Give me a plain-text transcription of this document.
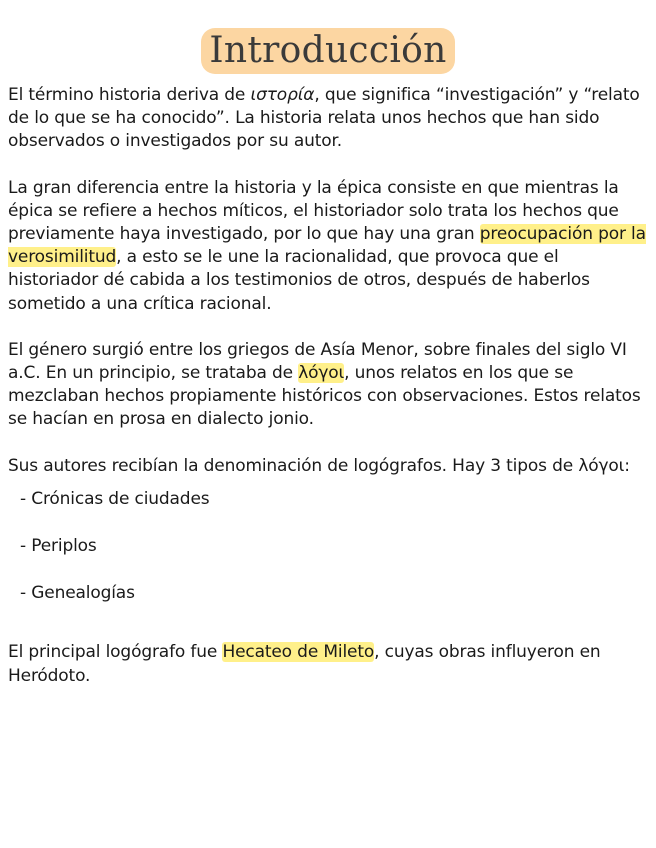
Introducción

El término historia deriva de ιστορία, que significa “investigación” y “relato de lo que se ha conocido”. La historia relata unos hechos que han sido observados o investigados por su autor.

La gran diferencia entre la historia y la épica consiste en que mientras la épica se refiere a hechos míticos, el historiador solo trata los hechos que previamente haya investigado, por lo que hay una gran preocupación por la verosimilitud, a esto se le une la racionalidad, que provoca que el historiador dé cabida a los testimonios de otros, después de haberlos sometido a una crítica racional.

El género surgió entre los griegos de Asía Menor, sobre finales del siglo VI a.C. En un principio, se trataba de λόγοι, unos relatos en los que se mezclaban hechos propiamente históricos con observaciones. Estos relatos se hacían en prosa en dialecto jonio.

Sus autores recibían la denominación de logógrafos. Hay 3 tipos de λόγοι:

- Crónicas de ciudades
- Periplos
- Genealogías

El principal logógrafo fue Hecateo de Mileto, cuyas obras influyeron en Heródoto.
